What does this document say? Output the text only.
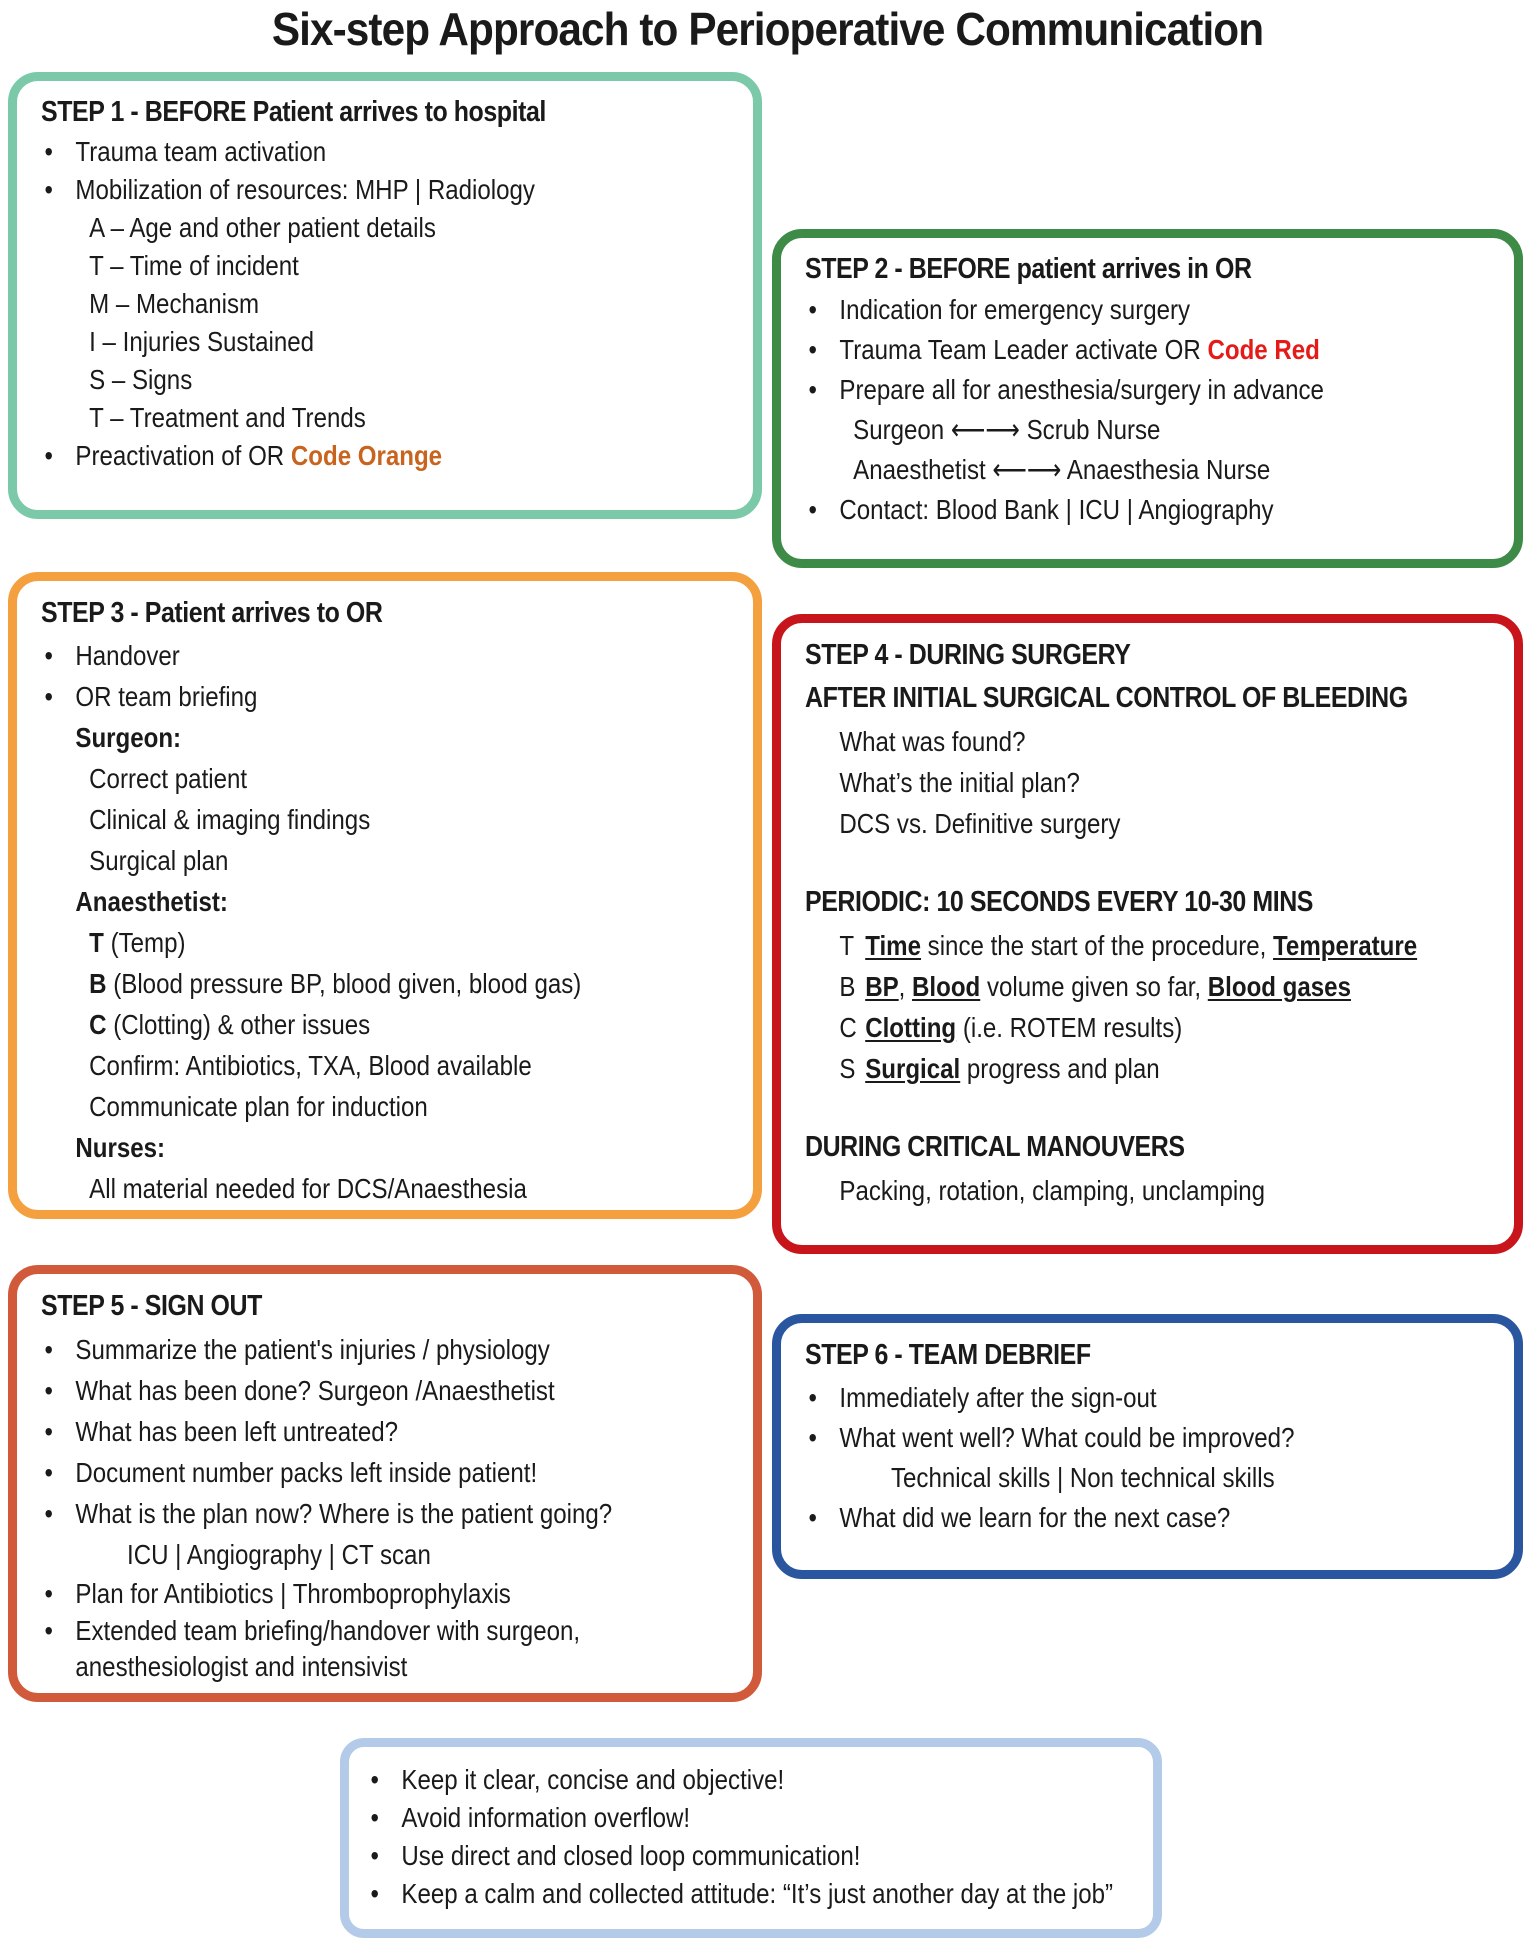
Six-step Approach to Perioperative Communication
STEP 1 - BEFORE Patient arrives to hospital
• Trauma team activation
• Mobilization of resources: MHP | Radiology
A – Age and other patient details
T – Time of incident
M – Mechanism
I – Injuries Sustained
S – Signs
T – Treatment and Trends
• Preactivation of OR Code Orange
STEP 2 - BEFORE patient arrives in OR
• Indication for emergency surgery
• Trauma Team Leader activate OR Code Red
• Prepare all for anesthesia/surgery in advance
Surgeon ⟵⟶ Scrub Nurse
Anaesthetist ⟵⟶ Anaesthesia Nurse
• Contact: Blood Bank | ICU | Angiography
STEP 3 - Patient arrives to OR
• Handover
• OR team briefing
Surgeon:
Correct patient
Clinical & imaging findings
Surgical plan
Anaesthetist:
T (Temp)
B (Blood pressure BP, blood given, blood gas)
C (Clotting) & other issues
Confirm: Antibiotics, TXA, Blood available
Communicate plan for induction
Nurses:
All material needed for DCS/Anaesthesia
STEP 4 - DURING SURGERY
AFTER INITIAL SURGICAL CONTROL OF BLEEDING
What was found?
What’s the initial plan?
DCS vs. Definitive surgery
PERIODIC: 10 SECONDS EVERY 10-30 MINS
T Time since the start of the procedure, Temperature
B BP, Blood volume given so far, Blood gases
C Clotting (i.e. ROTEM results)
S Surgical progress and plan
DURING CRITICAL MANOUVERS
Packing, rotation, clamping, unclamping
STEP 5 - SIGN OUT
• Summarize the patient's injuries / physiology
• What has been done? Surgeon /Anaesthetist
• What has been left untreated?
• Document number packs left inside patient!
• What is the plan now? Where is the patient going?
ICU | Angiography | CT scan
• Plan for Antibiotics | Thromboprophylaxis
• Extended team briefing/handover with surgeon,
anesthesiologist and intensivist
STEP 6 - TEAM DEBRIEF
• Immediately after the sign-out
• What went well? What could be improved?
Technical skills | Non technical skills
• What did we learn for the next case?
• Keep it clear, concise and objective!
• Avoid information overflow!
• Use direct and closed loop communication!
• Keep a calm and collected attitude: “It’s just another day at the job”
